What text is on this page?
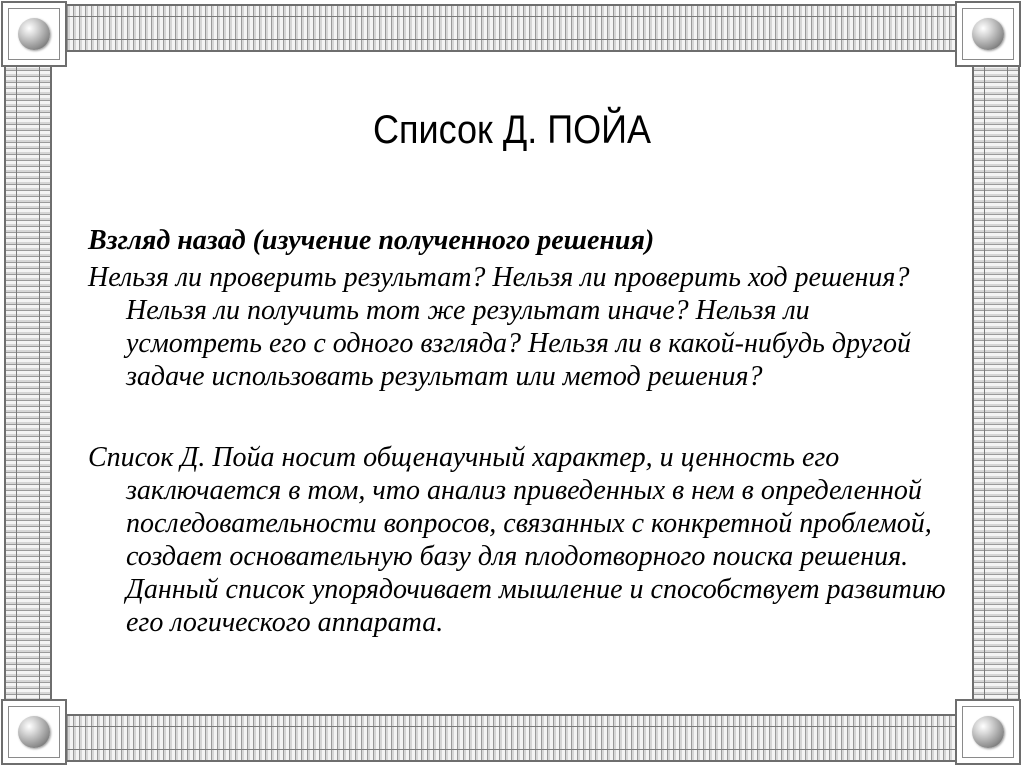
Список Д. ПОЙА
Взгляд назад (изучение полученного решения)
Нельзя ли проверить результат? Нельзя ли проверить ход решения? Нельзя ли получить тот же результат иначе? Нельзя ли усмотреть его с одного взгляда? Нельзя ли в какой-нибудь другой задаче использовать результат или метод решения?
Список Д. Пойа носит общенаучный характер, и ценность его заключается в том, что анализ приведенных в нем в определенной последовательности вопросов, связанных с конкретной проблемой, создает основательную базу для плодотворного поиска решения. Данный список упорядочивает мышление и способствует развитию его логического аппарата.
